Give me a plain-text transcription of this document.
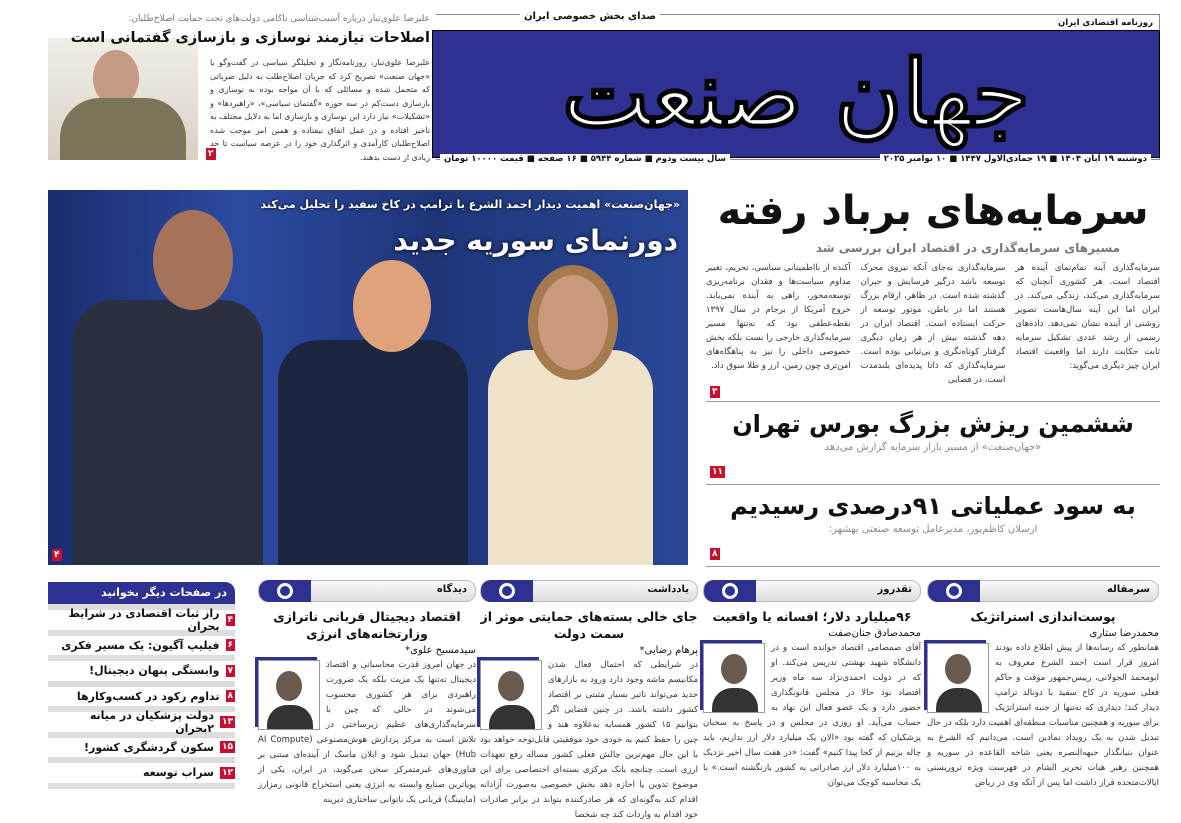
علیرضا علوی‌تبار درباره آسیب‌شناسی ناکامی دولت‌های تحت حمایت اصلاح‌طلبان:
اصلاحات نیازمند نوسازی و بازسازی گفتمانی است
علیرضا علوی‌تبار، روزنامه‌نگار و تحلیلگر سیاسی در گفت‌وگو با «جهان صنعت» تصریح کرد که جریان اصلاح‌طلب به دلیل ضرباتی که متحمل شده و مسائلی که با آن مواجه بوده به نوسازی و بازسازی دست‌کم در سه حوزه «گفتمان سیاسی»، «راهبردها» و «تشکیلات» نیاز دارد این نوسازی و بازسازی اما به دلایل مختلف به تاخیر افتاده و در عمل اتفاق نیفتاده و همین امر موجب شده اصلاح‌طلبان کارآمدی و اثرگذاری خود را در عرصه سیاست تا حد زیادی از دست بدهند.
۲
صدای بخش خصوصی ایران
روزنامه اقتصادی ایران
جهان صنعت
دوشنبه ۱۹ آبان ۱۴۰۴ ■ ۱۹ جمادی‌الاول ۱۴۴۷ ■ ۱۰ نوامبر ۲۰۲۵
سال بیست ودوم ■ شماره ۵۹۴۴ ■ ۱۶ صفحه ■ قیمت ۱۰۰۰۰ تومان
«جهان‌صنعت» اهمیت دیدار احمد الشرع با ترامپ در کاخ سفید را تحلیل می‌کند
دورنمای سوریه جدید
۴
سرمایه‌های برباد رفته
مسیرهای سرمایه‌گذاری در اقتصاد ایران بررسی شد
سرمایه‌گذاری آینه تمام‌نمای آینده هر اقتصاد است. هر کشوری آنچنان که سرمایه‌گذاری می‌کند، زندگی می‌کند. در ایران اما این آینه سال‌هاست تصویر روشنی از آینده نشان نمی‌دهد. داده‌های رسمی از رشد عددی تشکیل سرمایه ثابت حکایت دارند اما واقعیت اقتصاد ایران چیز دیگری می‌گوید:
سرمایه‌گذاری به‌جای آنکه نیروی محرک توسعه باشد درگیر فرسایش و جبران گذشته شده است. در ظاهر، ارقام بزرگ هستند اما در باطن، موتور توسعه از حرکت ایستاده است. اقتصاد ایران در دهه گذشته بیش از هر زمان دیگری گرفتار کوتاه‌نگری و بی‌ثباتی بوده است. سرمایه‌گذاری که ذاتا پدیده‌ای بلندمدت است، در فضایی
آکنده از نااطمینانی سیاسی، تحریم، تغییر مداوم سیاست‌ها و فقدان برنامه‌ریزی توسعه‌محور، راهی به آینده نمی‌یابد. خروج آمریکا از برجام در سال ۱۳۹۷ نقطه‌عطفی بود که نه‌تنها مسیر سرمایه‌گذاری خارجی را بست بلکه بخش خصوصی داخلی را نیز به پناهگاه‌های امن‌تری چون زمین، ارز و طلا سوق داد.
۳
ششمین ریزش بزرگ بورس تهران
«جهان‌صنعت» از مسیر بازار سرمایه گزارش می‌دهد
۱۱
به سود عملیاتی ۹۱درصدی رسیدیم
ارسلان کاظم‌پور، مدیرعامل توسعه صنعتی بهشهر:
۸
در صفحات دیگر بخوانید
۴
راز ثبات اقتصادی در شرایط بحران
۶
فیلیپ آگیون: یک مسیر فکری
۷
وابستگی پنهان دیجیتال!
۸
تداوم رکود در کسب‌وکارها
۱۳
دولت پزشکیان در میانه ۲بحران
۱۵
سکون گردشگری کشور!
۱۲
سراب توسعه
سرمقاله
پوست‌اندازی استراتژیک
محمدرضا ستاری
همانطور که رسانه‌ها از پیش اطلاع داده بودند امروز قرار است احمد الشرع معروف به ابومحمد الجولانی، رییس‌جمهور موقت و حاکم فعلی سوریه در کاخ سفید با دونالد ترامپ دیدار کند؛ دیداری که نه‌تنها از جنبه استراتژیک برای سوریه و همچنین مناسبات منطقه‌ای اهمیت دارد بلکه در حال تبدیل شدن به یک رویداد نمادین است. می‌دانیم که الشرع به عنوان بنیانگذار جبهه‌النصره یعنی شاخه القاعده در سوریه و همچنین رهبر هیات تحریر الشام در فهرست ویژه تروریستی ایالات‌متحده قرار داشت اما پس از آنکه وی در ریاض
تقدروز
۹۶میلیارد دلار؛ افسانه یا واقعیت
محمدصادق جنان‌صفت
آقای صمصامی اقتصاد خوانده است و در دانشگاه شهید بهشتی تدریس می‌کند. او که در دولت احمدی‌نژاد سه ماه وزیر اقتصاد بود حالا در مجلس قانونگذاری حضور دارد و یک عضو فعال این نهاد به حساب می‌آید. او روزی در مجلس و در پاسخ به سخنان پزشکیان که گفته بود «الان یک میلیارد دلار ارز نداریم، باید چاله بزنیم از کجا پیدا کنیم» گفت: «در هفت سال اخیر نزدیک به ۱۰۰میلیارد دلار ارز صادراتی به کشور بازنگشته است.» با یک محاسبه کوچک می‌توان
یادداشت
جای خالی بسته‌های حمایتی موثر از سمت دولت
پرهام رضایی*
در شرایطی که احتمال فعال شدن مکانیسم ماشه وجود دارد ورود به بازارهای جدید می‌تواند تاثیر بسیار مثبتی بر اقتصاد کشور داشته باشد. در چنین فضایی اگر بتوانیم ۱۵ کشور همسایه به‌علاوه هند و چین را حفظ کنیم به خودی خود موفقیتی قابل‌توجه خواهد بود با این حال مهم‌ترین چالش فعلی کشور مساله رفع تعهدات ارزی است. چنانچه بانک مرکزی بسته‌ای اختصاصی برای این موضوع تدوین یا اجازه دهد بخش خصوصی به‌صورت آزادانه اقدام کند به‌گونه‌ای که هر صادرکننده بتواند در برابر صادرات خود اقدام به واردات کند چه شخصا
دیدگاه
اقتصاد دیجیتال قربانی ناترازی وزارتخانه‌های انرژی
سیدمسیح علوی*
در جهان امروز قدرت محاسباتی و اقتصاد دیجیتال نه‌تنها یک مزیت بلکه یک ضرورت راهبردی برای هر کشوری محسوب می‌شوند در حالی که چین با سرمایه‌گذاری‌های عظیم زیرساختی در تلاش است به مرکز پردازش هوش‌مصنوعی (AI Compute Hub) جهان تبدیل شود و ایلان ماسک از آینده‌ای مبتنی بر فناوری‌های غیرمتمرکز سخن می‌گوید، در ایران، یکی از پویاترین صنایع وابسته به انرژی یعنی استخراج قانونی رمزارز (ماینینگ) قربانی یک ناتوانی ساختاری دیرینه
